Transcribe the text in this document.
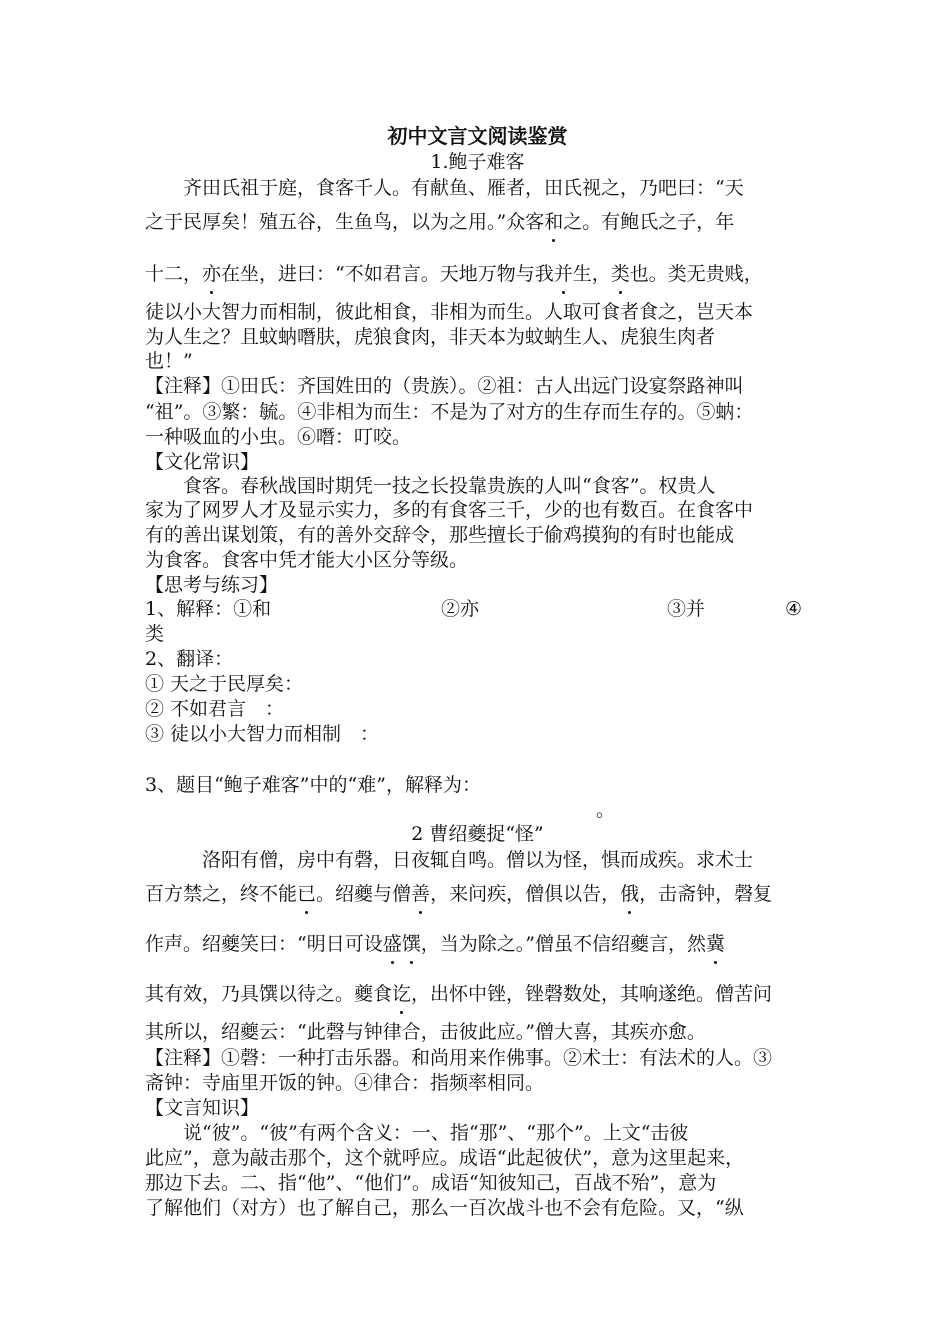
初中文言文阅读鉴赏
1.鲍子难客
　　齐田氏祖于庭，食客千人。有献鱼、雁者，田氏视之，乃吧曰：“天
之于民厚矣！殖五谷，生鱼鸟，以为之用。”众客和之。有鲍氏之子，年
十二，亦在坐，进曰：“不如君言。天地万物与我并生，类也。类无贵贱，
徒以小大智力而相制，彼此相食，非相为而生。人取可食者食之，岂天本
为人生之？且蚊蚋噆肤，虎狼食肉，非天本为蚊蚋生人、虎狼生肉者
也！”
【注释】①田氏：齐国姓田的（贵族）。②祖：古人出远门设宴祭路神叫
“祖”。③繁：毓。④非相为而生：不是为了对方的生存而生存的。⑤蚋：
一种吸血的小虫。⑥噆：叮咬。
【文化常识】
　　食客。春秋战国时期凭一技之长投靠贵族的人叫“食客”。权贵人
家为了网罗人才及显示实力，多的有食客三千，少的也有数百。在食客中
有的善出谋划策，有的善外交辞令，那些擅长于偷鸡摸狗的有时也能成
为食客。食客中凭才能大小区分等级。
【思考与练习】
1、解释：①和	②亦	③并	④
类
2、翻译：
① 天之于民厚矣：
② 不如君言　：
③ 徒以小大智力而相制　：
3、题目“鲍子难客”中的“难”，解释为：
。
2 曹绍夔捉“怪”
　　　洛阳有僧，房中有磬，日夜辄自鸣。僧以为怪，惧而成疾。求术士
百方禁之，终不能已。绍夔与僧善，来问疾，僧俱以告，俄，击斋钟，磬复
作声。绍夔笑曰：“明日可设盛馔，当为除之。”僧虽不信绍夔言，然冀
其有效，乃具馔以待之。夔食讫，出怀中锉，锉磬数处，其响遂绝。僧苦问
其所以，绍夔云：“此磬与钟律合，击彼此应。”僧大喜，其疾亦愈。
【注释】①磬：一种打击乐器。和尚用来作佛事。②术士：有法术的人。③
斋钟：寺庙里开饭的钟。④律合：指频率相同。
【文言知识】
　　说“彼”。“彼”有两个含义：一、指“那”、“那个”。上文“击彼
此应”，意为敲击那个，这个就呼应。成语“此起彼伏”，意为这里起来，
那边下去。二、指“他”、“他们”。成语“知彼知己，百战不殆”，意为
了解他们（对方）也了解自己，那么一百次战斗也不会有危险。又，“纵
